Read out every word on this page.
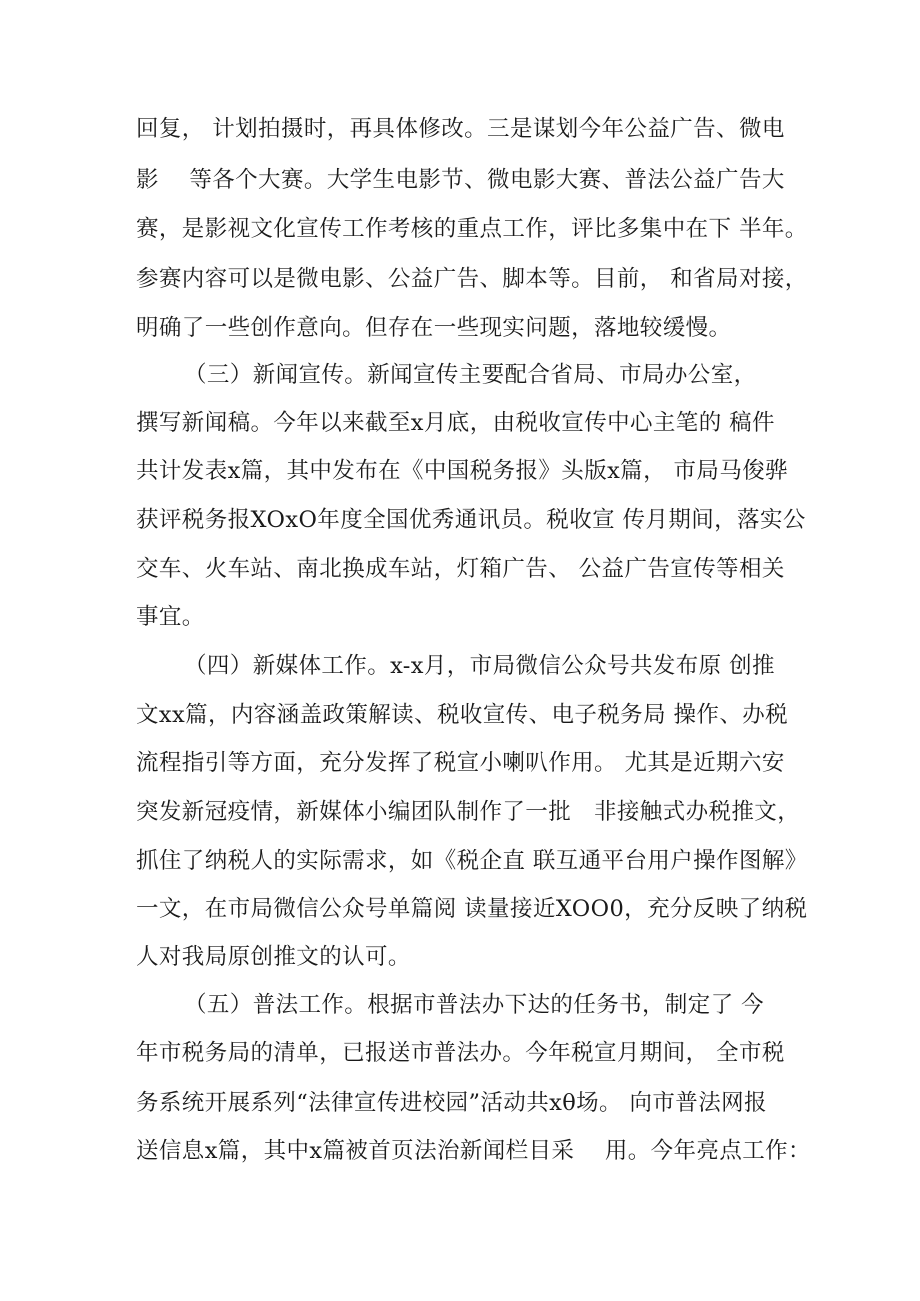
回复， 计划拍摄时，再具体修改。三是谋划今年公益广告、微电

影　 等各个大赛。大学生电影节、微电影大赛、普法公益广告大

赛，是影视文化宣传工作考核的重点工作，评比多集中在下 半年。

参赛内容可以是微电影、公益广告、脚本等。目前， 和省局对接，

明确了一些创作意向。但存在一些现实问题，落地较缓慢。

（三）新闻宣传。新闻宣传主要配合省局、市局办公室，

撰写新闻稿。今年以来截至x月底，由税收宣传中心主笔的 稿件

共计发表x篇，其中发布在《中国税务报》头版x篇， 市局马俊骅

获评税务报XOxO年度全国优秀通讯员。税收宣 传月期间，落实公

交车、火车站、南北换成车站，灯箱广告、 公益广告宣传等相关

事宜。

（四）新媒体工作。x-x月，市局微信公众号共发布原 创推

文xx篇，内容涵盖政策解读、税收宣传、电子税务局 操作、办税

流程指引等方面，充分发挥了税宣小喇叭作用。 尤其是近期六安

突发新冠疫情，新媒体小编团队制作了一批　非接触式办税推文，

抓住了纳税人的实际需求，如《税企直 联互通平台用户操作图解》

一文，在市局微信公众号单篇阅 读量接近XOO0，充分反映了纳税

人对我局原创推文的认可。

（五）普法工作。根据市普法办下达的任务书，制定了 今

年市税务局的清单，已报送市普法办。今年税宣月期间， 全市税

务系统开展系列“法律宣传进校园”活动共xθ场。 向市普法网报

送信息x篇，其中x篇被首页法治新闻栏目采　 用。今年亮点工作：
